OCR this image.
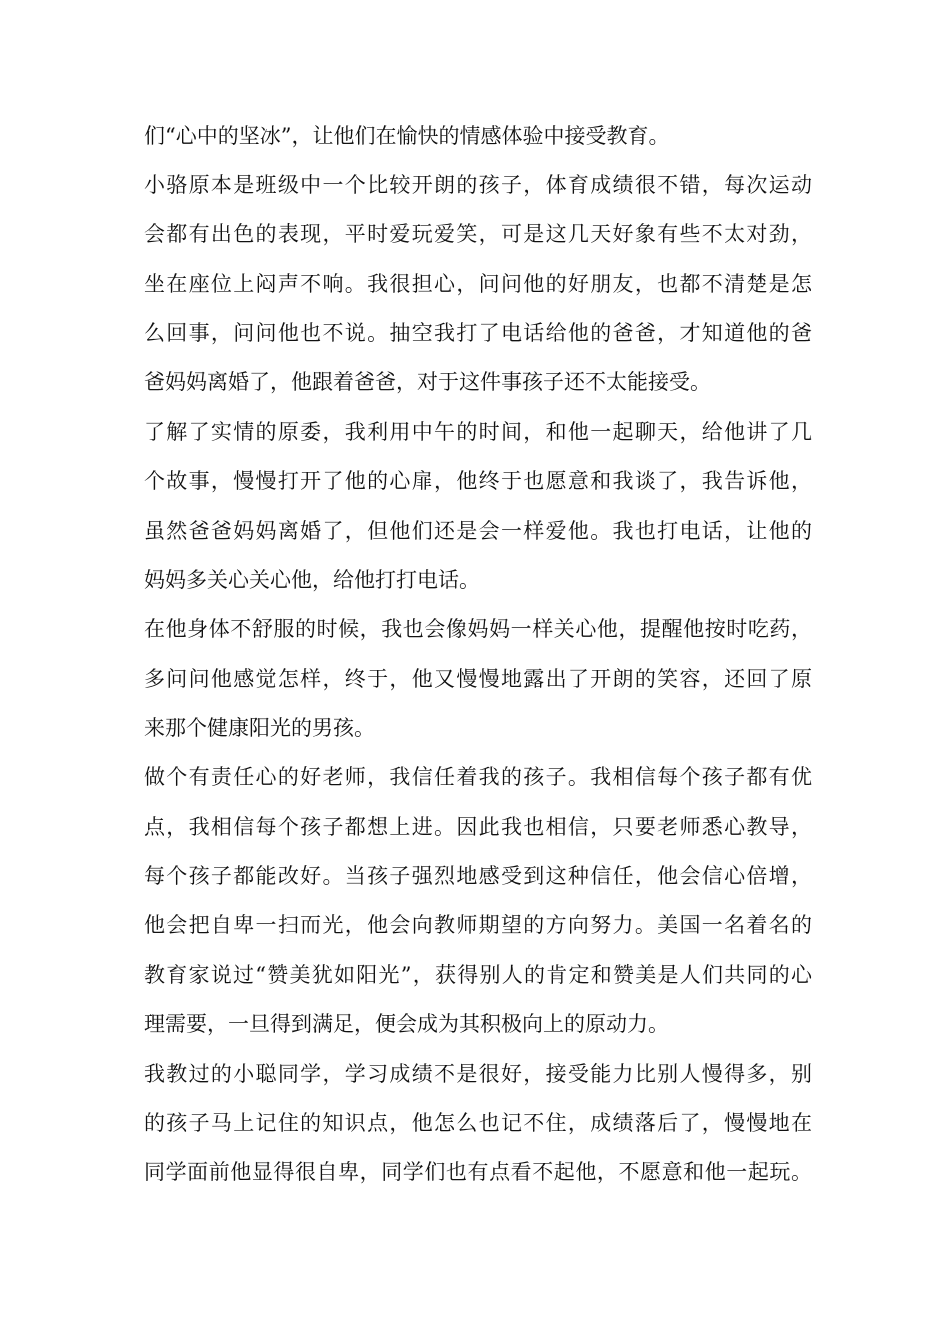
们“心中的坚冰”，让他们在愉快的情感体验中接受教育。
小骆原本是班级中一个比较开朗的孩子，体育成绩很不错，每次运动
会都有出色的表现，平时爱玩爱笑，可是这几天好象有些不太对劲，
坐在座位上闷声不响。我很担心，问问他的好朋友，也都不清楚是怎
么回事，问问他也不说。抽空我打了电话给他的爸爸，才知道他的爸
爸妈妈离婚了，他跟着爸爸，对于这件事孩子还不太能接受。
了解了实情的原委，我利用中午的时间，和他一起聊天，给他讲了几
个故事，慢慢打开了他的心扉，他终于也愿意和我谈了，我告诉他，
虽然爸爸妈妈离婚了，但他们还是会一样爱他。我也打电话，让他的
妈妈多关心关心他，给他打打电话。
在他身体不舒服的时候，我也会像妈妈一样关心他，提醒他按时吃药，
多问问他感觉怎样，终于，他又慢慢地露出了开朗的笑容，还回了原
来那个健康阳光的男孩。
做个有责任心的好老师，我信任着我的孩子。我相信每个孩子都有优
点，我相信每个孩子都想上进。因此我也相信，只要老师悉心教导，
每个孩子都能改好。当孩子强烈地感受到这种信任，他会信心倍增，
他会把自卑一扫而光，他会向教师期望的方向努力。美国一名着名的
教育家说过“赞美犹如阳光”，获得别人的肯定和赞美是人们共同的心
理需要，一旦得到满足，便会成为其积极向上的原动力。
我教过的小聪同学，学习成绩不是很好，接受能力比别人慢得多，别
的孩子马上记住的知识点，他怎么也记不住，成绩落后了，慢慢地在
同学面前他显得很自卑，同学们也有点看不起他，不愿意和他一起玩。
